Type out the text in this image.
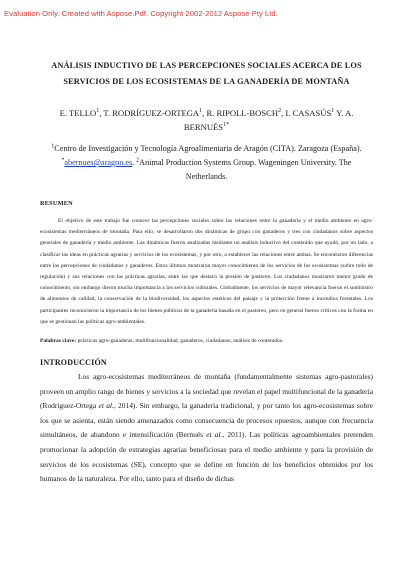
Evaluation Only. Created with Aspose.Pdf. Copyright 2002-2012 Aspose Pty Ltd.
ANÁLISIS INDUCTIVO DE LAS PERCEPCIONES SOCIALES ACERCA DE LOS
SERVICIOS DE LOS ECOSISTEMAS DE LA GANADERÍA DE MONTAÑA
E. TELLO$^1$, T. RODRÍGUEZ-ORTEGA$^1$, R. RIPOLL-BOSCH$^2$, I. CASASÚS$^1$ Y. A. $BERNUÉS^{1*}$
$^1$Centro de Investigación y Tecnología Agroalimentaria de Aragón (CITA). Zaragoza (España). *abernues@aragon.es. $^2$Animal Production Systems Group. Wageningen University. The Netherlands.
RESUMEN

El objetivo de este trabajo fue conocer las percepciones sociales sobre las relaciones entre la ganadería y el medio ambiente en agro-ecosistemas mediterráneos de montaña. Para ello, se desarrollaron dos dinámicas de grupo con ganaderos y tres con ciudadanos sobre aspectos generales de ganadería y medio ambiente. Las dinámicas fueron analizadas mediante un análisis inductivo del contenido que ayudó, por un lado, a clasificar las ideas en prácticas agrarias y servicios de los ecosistemas, y por otro, a establecer las relaciones entre ambas. Se encontraron diferencias entre las percepciones de ciudadanos y ganaderos. Estos últimos mostraron mayor conocimiento de los servicios de los ecosistemas (sobre todo de regulación) y sus relaciones con las prácticas agrarias, entre las que destacó la presión de pastoreo. Los ciudadanos mostraron menor grado de conocimiento, sin embargo dieron mucha importancia a los servicios culturales. Globalmente, los servicios de mayor relevancia fueron el suministro de alimentos de calidad, la conservación de la biodiversidad, los aspectos estéticos del paisaje y la protección frente a incendios forestales. Los participantes reconocieron la importancia de los bienes públicos de la ganadería basada en el pastoreo, pero en general fueron críticos con la forma en que se gestionan las políticas agro-ambientales.

Palabras clave: prácticas agro-ganaderas, multifuncionalidad, ganaderos, ciudadanos, análisis de contenidos.
INTRODUCCIÓN

Los agro-ecosistemas mediterráneos de montaña (fundamentalmente sistemas agro-pastorales) proveen un amplio rango de bienes y servicios a la sociedad que revelan el papel multifuncional de la ganadería (Rodríguez-Ortega et al., 2014). Sin embargo, la ganadería tradicional, y por tanto los agro-ecosistemas sobre los que se asienta, están siendo amenazados como consecuencia de procesos opuestos, aunque con frecuencia simultáneos, de abandono e intensificación (Bernués et al., 2011). Las políticas agroambientales pretenden promocionar la adopción de estrategias agrarias beneficiosas para el medio ambiente y para la provisión de servicios de los ecosistemas (SE), concepto que se define en función de los beneficios obtenidos por los humanos de la naturaleza. Por ello, tanto para el diseño de dichas
